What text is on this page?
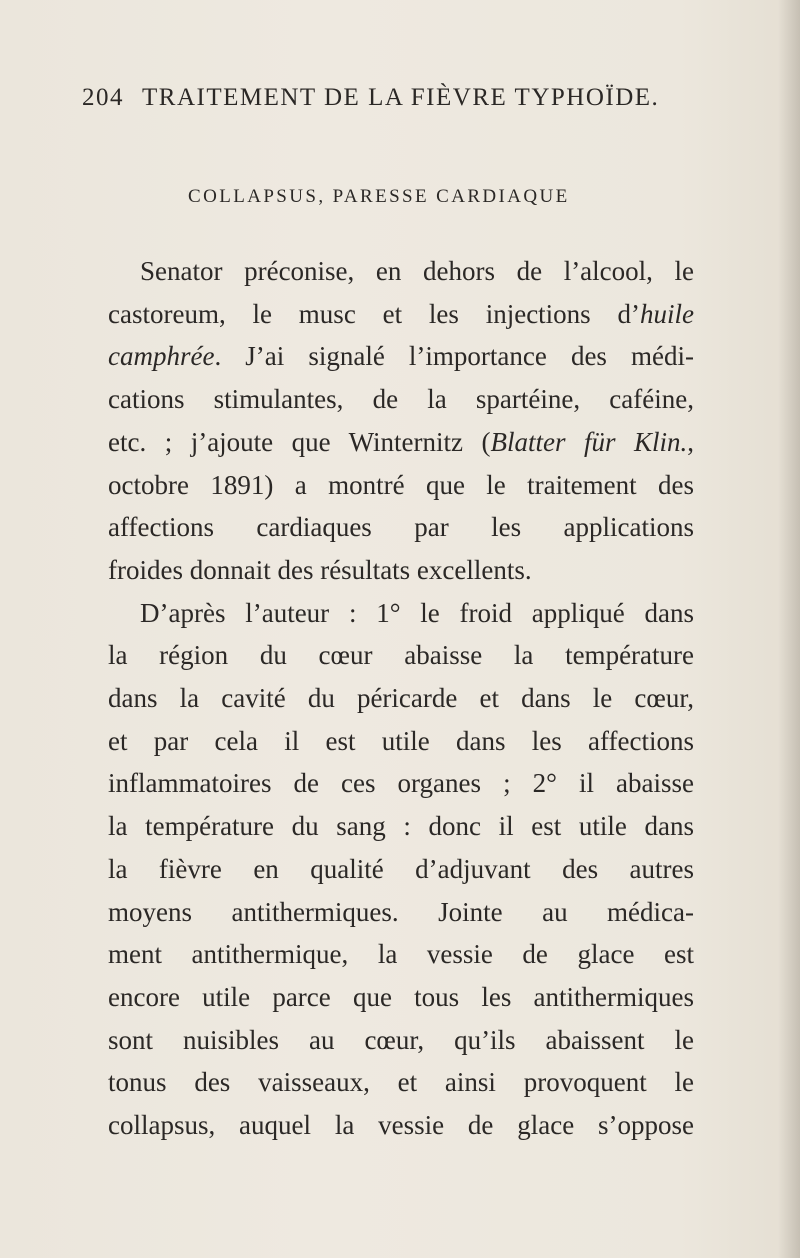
204 TRAITEMENT DE LA FIÈVRE TYPHOÏDE.
COLLAPSUS, PARESSE CARDIAQUE
Senator préconise, en dehors de l’alcool, le
castoreum, le musc et les injections d’huile
camphrée. J’ai signalé l’importance des médi-
cations stimulantes, de la spartéine, caféine,
etc. ; j’ajoute que Winternitz (Blatter für Klin.,
octobre 1891) a montré que le traitement des
affections cardiaques par les applications
froides donnait des résultats excellents.
D’après l’auteur : 1° le froid appliqué dans
la région du cœur abaisse la température
dans la cavité du péricarde et dans le cœur,
et par cela il est utile dans les affections
inflammatoires de ces organes ; 2° il abaisse
la température du sang : donc il est utile dans
la fièvre en qualité d’adjuvant des autres
moyens antithermiques. Jointe au médica-
ment antithermique, la vessie de glace est
encore utile parce que tous les antithermiques
sont nuisibles au cœur, qu’ils abaissent le
tonus des vaisseaux, et ainsi provoquent le
collapsus, auquel la vessie de glace s’oppose
